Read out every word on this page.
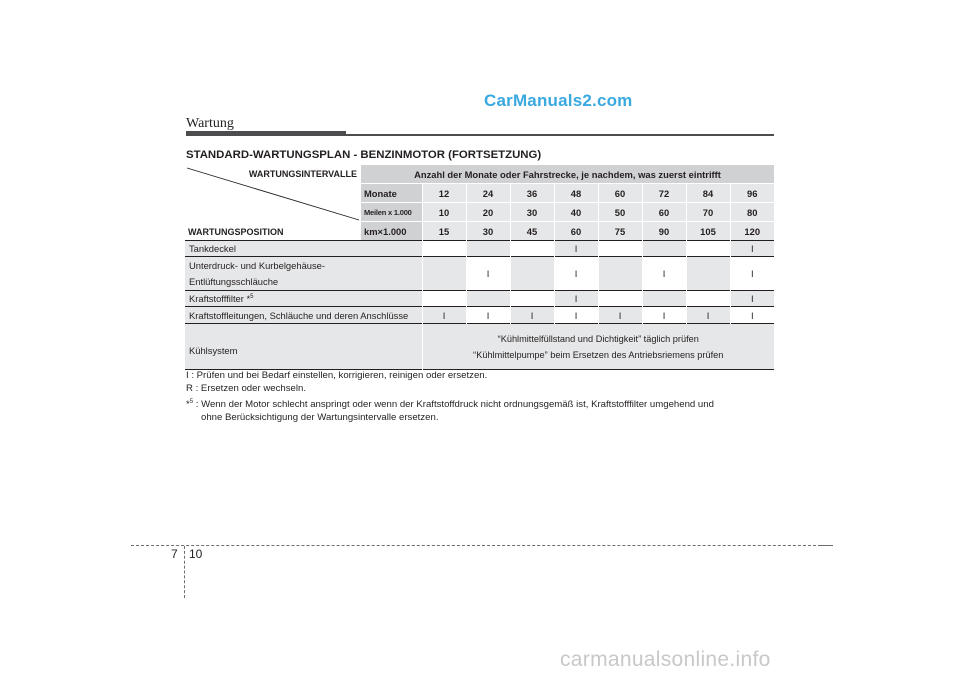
CarManuals2.com
Wartung
STANDARD-WARTUNGSPLAN - BENZINMOTOR (FORTSETZUNG)
WARTUNGSINTERVALLE
WARTUNGSPOSITION	Anzahl der Monate oder Fahrstrecke, je nachdem, was zuerst eintrifft								
	Monate	12	24	36	48	60	72	84	96
	Meilen x 1.000	10	20	30	40	50	60	70	80
	km×1.000	15	30	45	60	75	90	105	120
Tankdeckel					I				I

Unterdruck- und Kurbelgehäuse-
Entlüftungsschläuche			I		I		I		I
Kraftstofffilter *$^5$					I				I
Kraftstoffleitungen, Schläuche und deren Anschlüsse		I	I	I	I	I	I	I	I
Kühlsystem		“Kühlmittelfüllstand und Dichtigkeit” täglich prüfen
“Kühlmittelpumpe” beim Ersetzen des Antriebsriemens prüfen							

I : Prüfen und bei Bedarf einstellen, korrigieren, reinigen oder ersetzen.
R : Ersetzen oder wechseln.
*$^5$ : Wenn der Motor schlecht anspringt oder wenn der Kraftstoffdruck nicht ordnungsgemäß ist, Kraftstofffilter umgehend und
ohne Berücksichtigung der Wartungsintervalle ersetzen.
7 10
carmanualsonline.info
